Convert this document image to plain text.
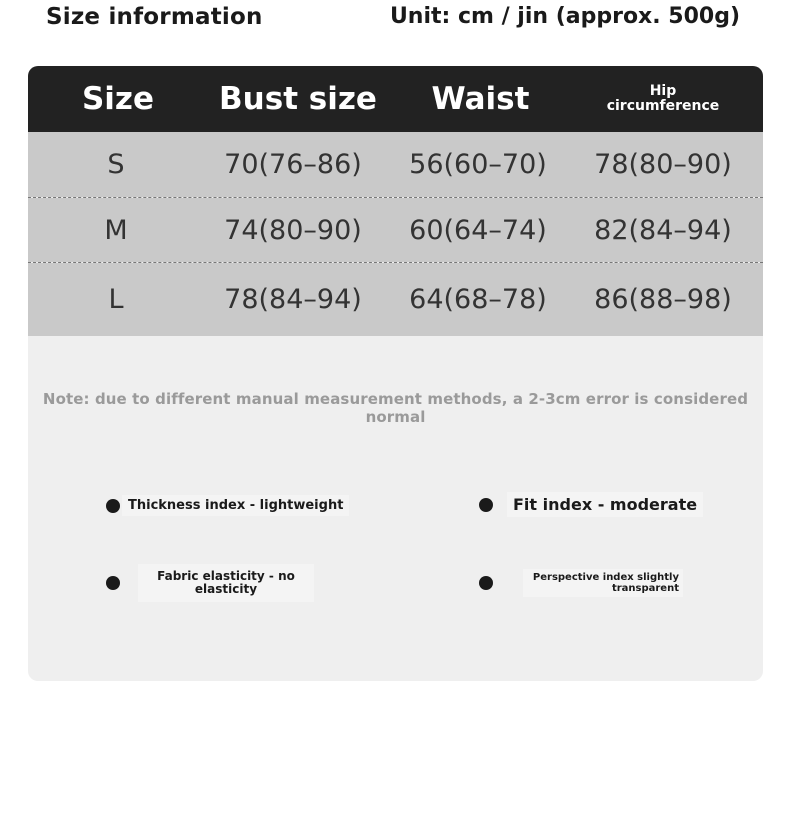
Size information	Unit: cm / jin (approx. 500g)
Size	Bust size	Waist	Hip
circumference
S	70(76–86)	56(60–70)	78(80–90)
M	74(80–90)	60(64–74)	82(84–94)
L	78(84–94)	64(68–78)	86(88–98)
Note: due to different manual measurement methods, a 2-3cm error is considered normal
Thickness index - lightweight	Fit index - moderate
Fabric elasticity - no elasticity
Perspective index slightly transparent
